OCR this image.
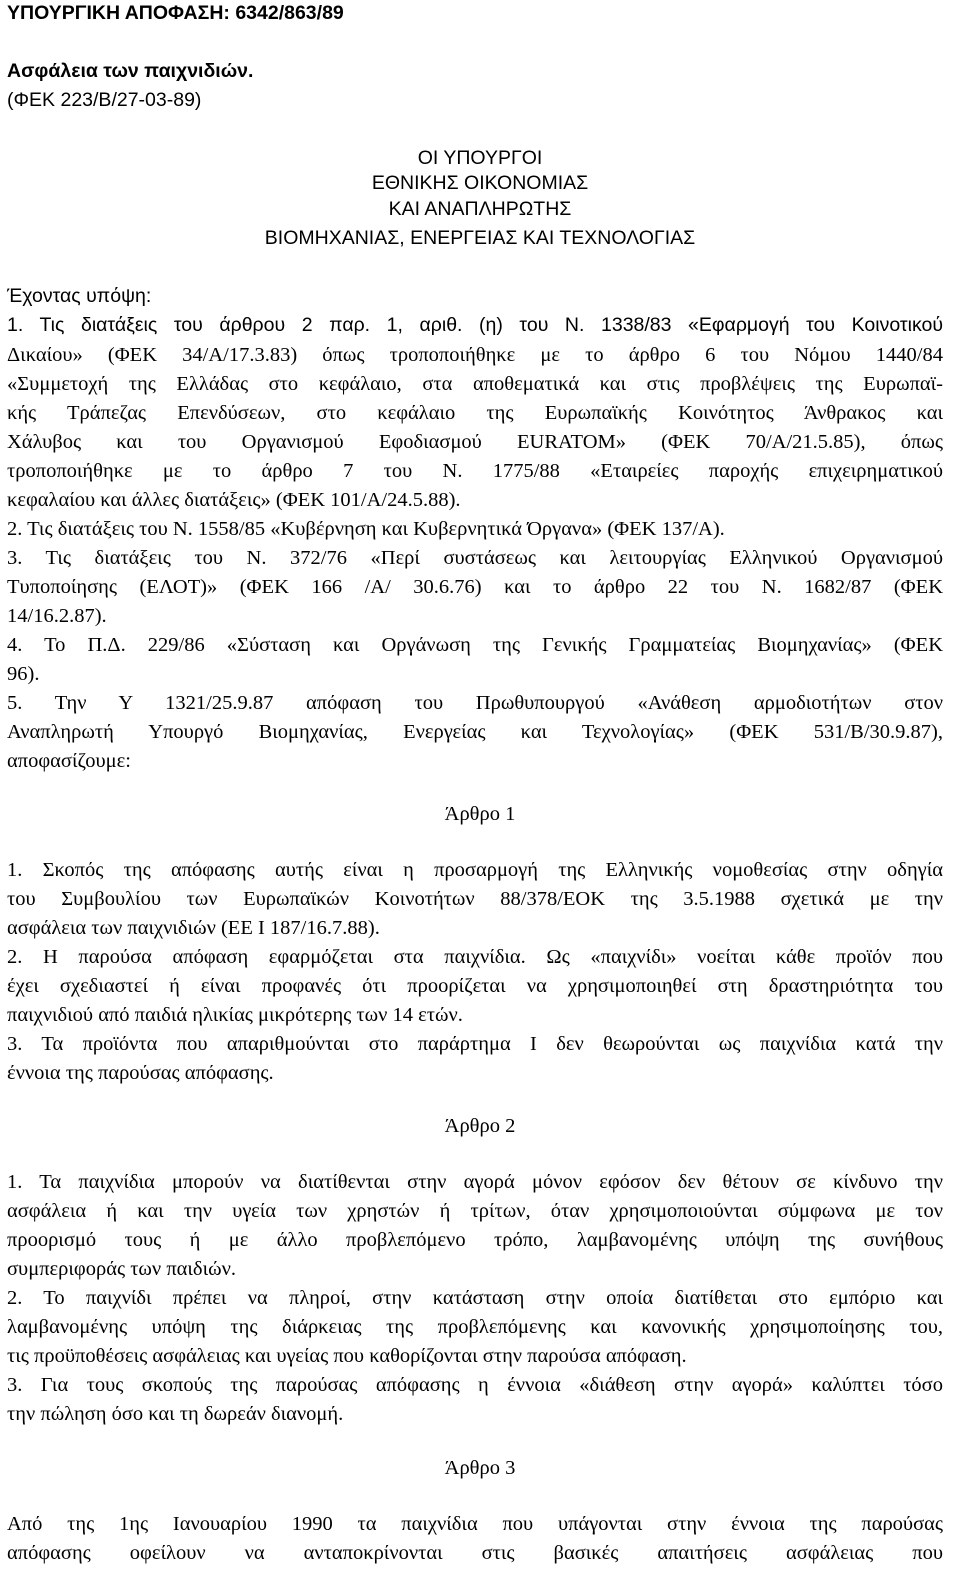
ΥΠΟΥΡΓΙΚΗ ΑΠΟΦΑΣΗ: 6342/863/89
Ασφάλεια των παιχνιδιών.
(ΦΕΚ 223/Β/27-03-89)
ΟΙ ΥΠΟΥΡΓΟΙ
ΕΘΝΙΚΗΣ ΟΙΚΟΝΟΜΙΑΣ
ΚΑΙ ΑΝΑΠΛΗΡΩΤΗΣ
ΒΙΟΜΗΧΑΝΙΑΣ, ΕΝΕΡΓΕΙΑΣ ΚΑΙ ΤΕΧΝΟΛΟΓΙΑΣ
Έχοντας υπόψη:
1. Τις διατάξεις του άρθρου 2 παρ. 1, αριθ. (η) του Ν. 1338/83 «Εφαρμογή του Κοινοτικού
Δικαίου» (ΦΕΚ 34/Α/17.3.83) όπως τροποποιήθηκε με το άρθρο 6 του Νόμου 1440/84
«Συμμετοχή της Ελλάδας στο κεφάλαιο, στα αποθεματικά και στις προβλέψεις της Ευρωπαϊ-
κής Τράπεζας Επενδύσεων, στο κεφάλαιο της Ευρωπαϊκής Κοινότητος Άνθρακος και
Χάλυβος και του Οργανισμού Εφοδιασμού EURATOM» (ΦΕΚ 70/Α/21.5.85), όπως
τροποποιήθηκε με το άρθρο 7 του Ν. 1775/88 «Εταιρείες παροχής επιχειρηματικού
κεφαλαίου και άλλες διατάξεις» (ΦΕΚ 101/Α/24.5.88).
2. Τις διατάξεις του Ν. 1558/85 «Κυβέρνηση και Κυβερνητικά Όργανα» (ΦΕΚ 137/Α).
3. Τις διατάξεις του Ν. 372/76 «Περί συστάσεως και λειτουργίας Ελληνικού Οργανισμού
Τυποποίησης (ΕΛΟΤ)» (ΦΕΚ 166 /Α/ 30.6.76) και το άρθρο 22 του Ν. 1682/87 (ΦΕΚ
14/16.2.87).
4. Το Π.Δ. 229/86 «Σύσταση και Οργάνωση της Γενικής Γραμματείας Βιομηχανίας» (ΦΕΚ
96).
5. Την Υ 1321/25.9.87 απόφαση του Πρωθυπουργού «Ανάθεση αρμοδιοτήτων στον
Αναπληρωτή Υπουργό Βιομηχανίας, Ενεργείας και Τεχνολογίας» (ΦΕΚ 531/Β/30.9.87),
αποφασίζουμε:
Άρθρο 1
1. Σκοπός της απόφασης αυτής είναι η προσαρμογή της Ελληνικής νομοθεσίας στην οδηγία
του Συμβουλίου των Ευρωπαϊκών Κοινοτήτων 88/378/ΕΟΚ της 3.5.1988 σχετικά με την
ασφάλεια των παιχνιδιών (ΕΕ Ι 187/16.7.88).
2. Η παρούσα απόφαση εφαρμόζεται στα παιχνίδια. Ως «παιχνίδι» νοείται κάθε προϊόν που
έχει σχεδιαστεί ή είναι προφανές ότι προορίζεται να χρησιμοποιηθεί στη δραστηριότητα του
παιχνιδιού από παιδιά ηλικίας μικρότερης των 14 ετών.
3. Τα προϊόντα που απαριθμούνται στο παράρτημα Ι δεν θεωρούνται ως παιχνίδια κατά την
έννοια της παρούσας απόφασης.
Άρθρο 2
1. Τα παιχνίδια μπορούν να διατίθενται στην αγορά μόνον εφόσον δεν θέτουν σε κίνδυνο την
ασφάλεια ή και την υγεία των χρηστών ή τρίτων, όταν χρησιμοποιούνται σύμφωνα με τον
προορισμό τους ή με άλλο προβλεπόμενο τρόπο, λαμβανομένης υπόψη της συνήθους
συμπεριφοράς των παιδιών.
2. Το παιχνίδι πρέπει να πληροί, στην κατάσταση στην οποία διατίθεται στο εμπόριο και
λαμβανομένης υπόψη της διάρκειας της προβλεπόμενης και κανονικής χρησιμοποίησης του,
τις προϋποθέσεις ασφάλειας και υγείας που καθορίζονται στην παρούσα απόφαση.
3. Για τους σκοπούς της παρούσας απόφασης η έννοια «διάθεση στην αγορά» καλύπτει τόσο
την πώληση όσο και τη δωρεάν διανομή.
Άρθρο 3
Από της 1ης Ιανουαρίου 1990 τα παιχνίδια που υπάγονται στην έννοια της παρούσας
απόφασης οφείλουν να ανταποκρίνονται στις βασικές απαιτήσεις ασφάλειας που
